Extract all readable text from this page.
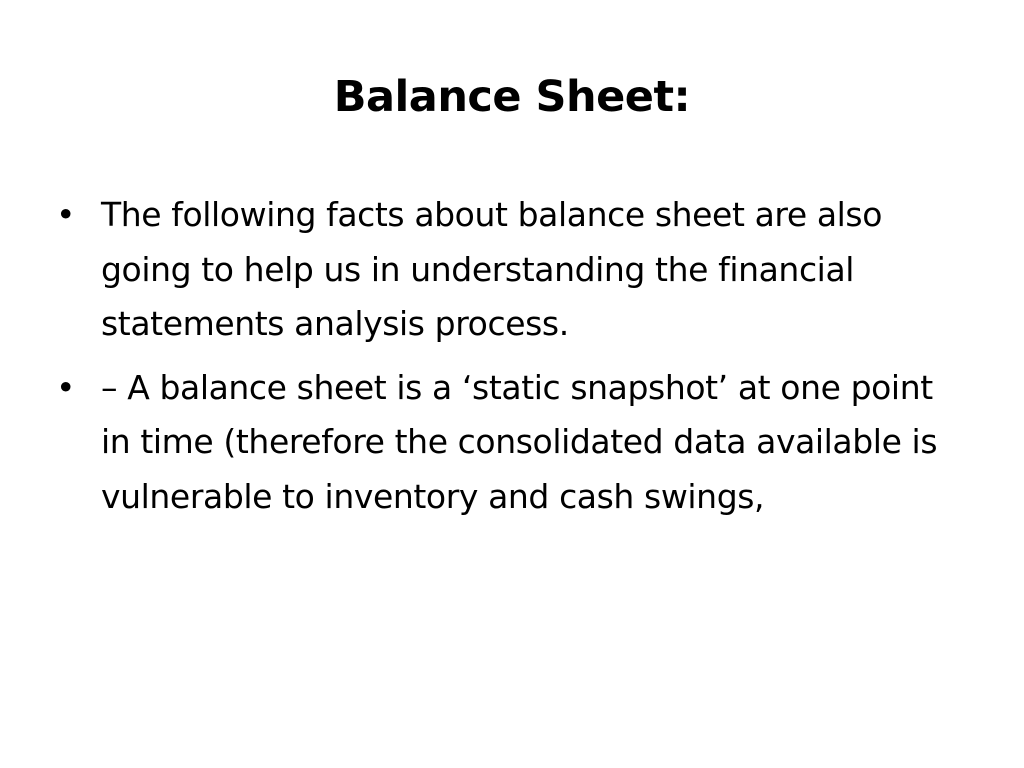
Balance Sheet:
• The following facts about balance sheet are also going to help us in understanding the financial statements analysis process.
• – A balance sheet is a ‘static snapshot’ at one point in time (therefore the consolidated data available is vulnerable to inventory and cash swings,
